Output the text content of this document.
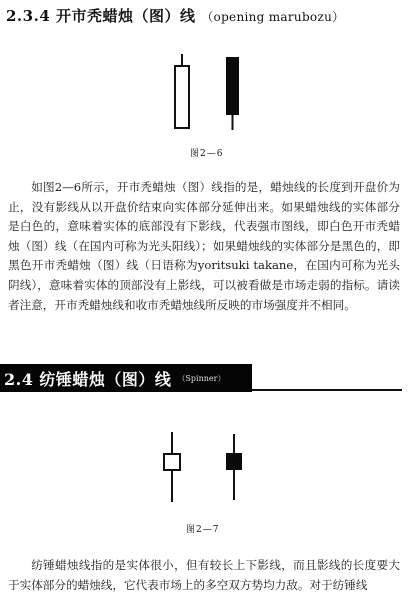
2.3.4 开市秃蜡烛（图）线 （opening marubozu）
图2—6

如图2—6所示，开市秃蜡烛（图）线指的是，蜡烛线的长度到开盘价为止，没有影线从以开盘价结束向实体部分延伸出来。如果蜡烛线的实体部分是白色的，意味着实体的底部没有下影线，代表强市图线，即白色开市秃蜡烛（图）线（在国内可称为光头阳线）；如果蜡烛线的实体部分是黑色的，即黑色开市秃蜡烛（图）线（日语称为yoritsuki takane，在国内可称为光头阴线），意味着实体的顶部没有上影线，可以被看做是市场走弱的指标。请读者注意，开市秃蜡烛线和收市秃蜡烛线所反映的市场强度并不相同。

2.4 纺锤蜡烛（图）线 （Spinner）
图2—7

纺锤蜡烛线指的是实体很小，但有较长上下影线，而且影线的长度要大于实体部分的蜡烛线，它代表市场上的多空双方势均力敌。对于纺锤线
